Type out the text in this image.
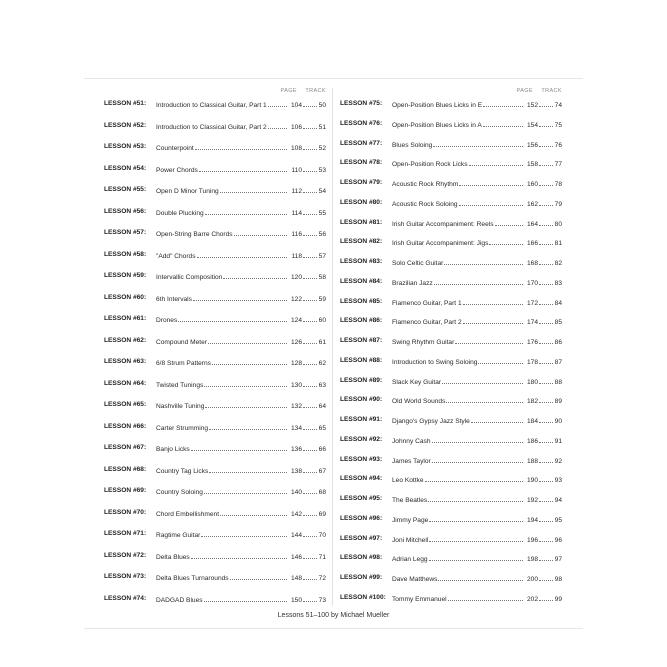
PAGE TRACK
LESSON #51: Introduction to Classical Guitar, Part 1	104	50
LESSON #52: Introduction to Classical Guitar, Part 2	106	51
LESSON #53: Counterpoint	108	52
LESSON #54: Power Chords	110	53
LESSON #55: Open D Minor Tuning	112	54
LESSON #56: Double Plucking	114	55
LESSON #57: Open-String Barre Chords	116	56
LESSON #58: "Add" Chords	118	57
LESSON #59: Intervallic Composition	120	58
LESSON #60: 6th Intervals	122	59
LESSON #61: Drones	124	60
LESSON #62: Compound Meter	126	61
LESSON #63: 6/8 Strum Patterns	128	62
LESSON #64: Twisted Tunings	130	63
LESSON #65: Nashville Tuning	132	64
LESSON #66: Carter Strumming	134	65
LESSON #67: Banjo Licks	136	66
LESSON #68: Country Tag Licks	138	67
LESSON #69: Country Soloing	140	68
LESSON #70: Chord Embellishment	142	69
LESSON #71: Ragtime Guitar	144	70
LESSON #72: Delta Blues	146	71
LESSON #73: Delta Blues Turnarounds	148	72
LESSON #74: DADGAD Blues	150	73
PAGE TRACK
LESSON #75: Open-Position Blues Licks in E	152	74
LESSON #76: Open-Position Blues Licks in A	154	75
LESSON #77: Blues Soloing	156	76
LESSON #78: Open-Position Rock Licks	158	77
LESSON #79: Acoustic Rock Rhythm	160	78
LESSON #80: Acoustic Rock Soloing	162	79
LESSON #81: Irish Guitar Accompaniment: Reels	164	80
LESSON #82: Irish Guitar Accompaniment: Jigs	166	81
LESSON #83: Solo Celtic Guitar	168	82
LESSON #84: Brazilian Jazz	170	83
LESSON #85: Flamenco Guitar, Part 1	172	84
LESSON #86: Flamenco Guitar, Part 2	174	85
LESSON #87: Swing Rhythm Guitar	176	86
LESSON #88: Introduction to Swing Soloing	178	87
LESSON #89: Slack Key Guitar	180	88
LESSON #90: Old World Sounds	182	89
LESSON #91: Django's Gypsy Jazz Style	184	90
LESSON #92: Johnny Cash	186	91
LESSON #93: James Taylor	188	92
LESSON #94: Leo Kottke	190	93
LESSON #95: The Beatles	192	94
LESSON #96: Jimmy Page	194	95
LESSON #97: Joni Mitchell	196	96
LESSON #98: Adrian Legg	198	97
LESSON #99: Dave Matthews	200	98
LESSON #100: Tommy Emmanuel	202	99
Lessons 51–100 by Michael Mueller
